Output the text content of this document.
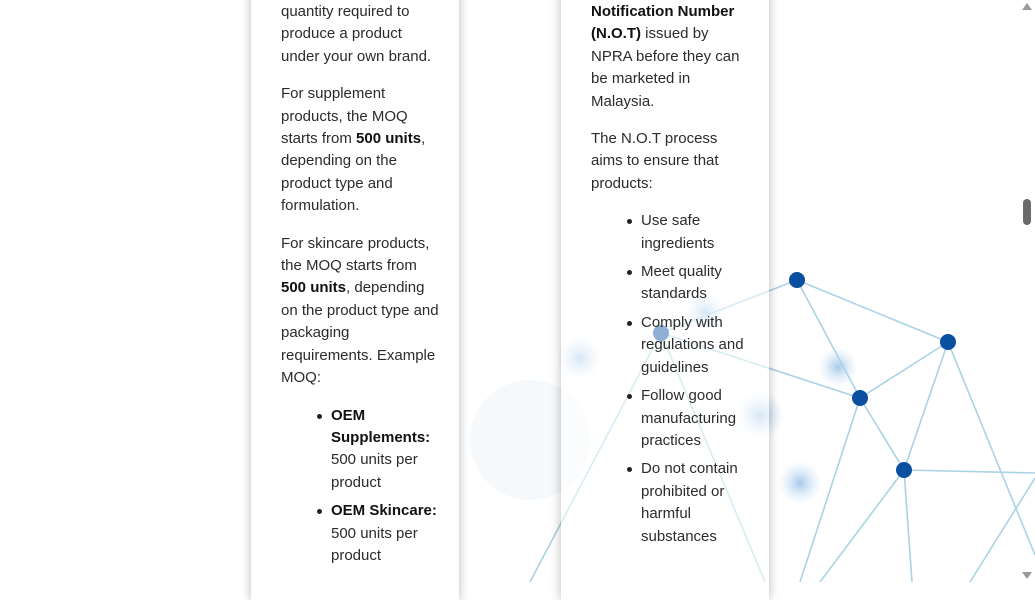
quantity required to produce a product under your own brand.

For supplement products, the MOQ starts from 500 units, depending on the product type and formulation.

For skincare products, the MOQ starts from 500 units, depending on the product type and packaging requirements. Example MOQ:

OEM Supplements: 500 units per product
OEM Skincare: 500 units per product

Notification Number (N.O.T) issued by NPRA before they can be marketed in Malaysia.

The N.O.T process aims to ensure that products:

Use safe ingredients
Meet quality standards
Comply with regulations and guidelines
Follow good manufacturing practices
Do not contain prohibited or harmful substances
